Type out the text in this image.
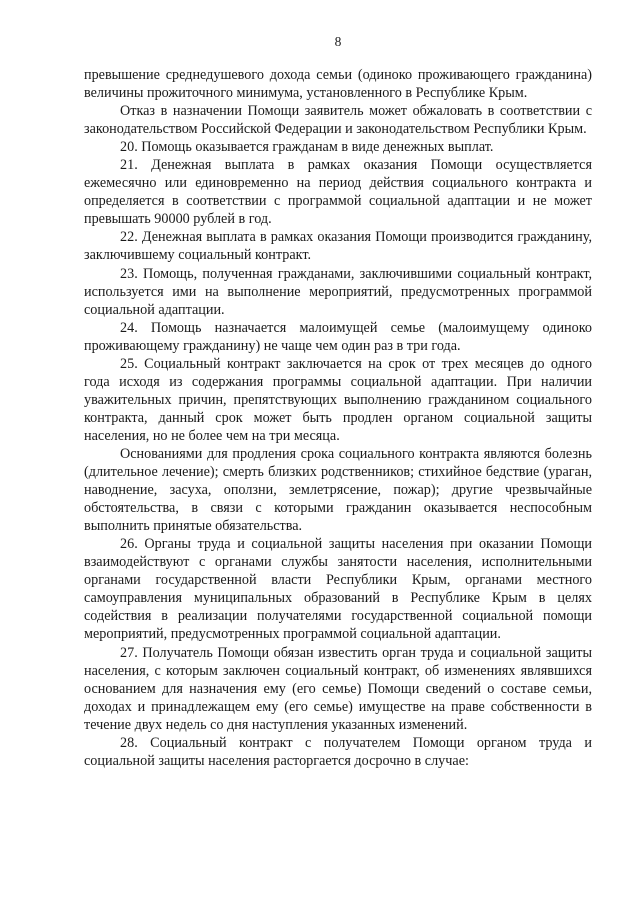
8

превышение среднедушевого дохода семьи (одиноко проживающего гражданина) величины прожиточного минимума, установленного в Республике Крым.

Отказ в назначении Помощи заявитель может обжаловать в соответствии с законодательством Российской Федерации и законодательством Республики Крым.

20. Помощь оказывается гражданам в виде денежных выплат.

21. Денежная выплата в рамках оказания Помощи осуществляется ежемесячно или единовременно на период действия социального контракта и определяется в соответствии с программой социальной адаптации и не может превышать 90000 рублей в год.

22. Денежная выплата в рамках оказания Помощи производится гражданину, заключившему социальный контракт.

23. Помощь, полученная гражданами, заключившими социальный контракт, используется ими на выполнение мероприятий, предусмотренных программой социальной адаптации.

24. Помощь назначается малоимущей семье (малоимущему одиноко проживающему гражданину) не чаще чем один раз в три года.

25. Социальный контракт заключается на срок от трех месяцев до одного года исходя из содержания программы социальной адаптации. При наличии уважительных причин, препятствующих выполнению гражданином социального контракта, данный срок может быть продлен органом социальной защиты населения, но не более чем на три месяца.

Основаниями для продления срока социального контракта являются болезнь (длительное лечение); смерть близких родственников; стихийное бедствие (ураган, наводнение, засуха, оползни, землетрясение, пожар); другие чрезвычайные обстоятельства, в связи с которыми гражданин оказывается неспособным выполнить принятые обязательства.

26. Органы труда и социальной защиты населения при оказании Помощи взаимодействуют с органами службы занятости населения, исполнительными органами государственной власти Республики Крым, органами местного самоуправления муниципальных образований в Республике Крым в целях содействия в реализации получателями государственной социальной помощи мероприятий, предусмотренных программой социальной адаптации.

27. Получатель Помощи обязан известить орган труда и социальной защиты населения, с которым заключен социальный контракт, об изменениях являвшихся основанием для назначения ему (его семье) Помощи сведений о составе семьи, доходах и принадлежащем ему (его семье) имуществе на праве собственности в течение двух недель со дня наступления указанных изменений.

28. Социальный контракт с получателем Помощи органом труда и социальной защиты населения расторгается досрочно в случае:
